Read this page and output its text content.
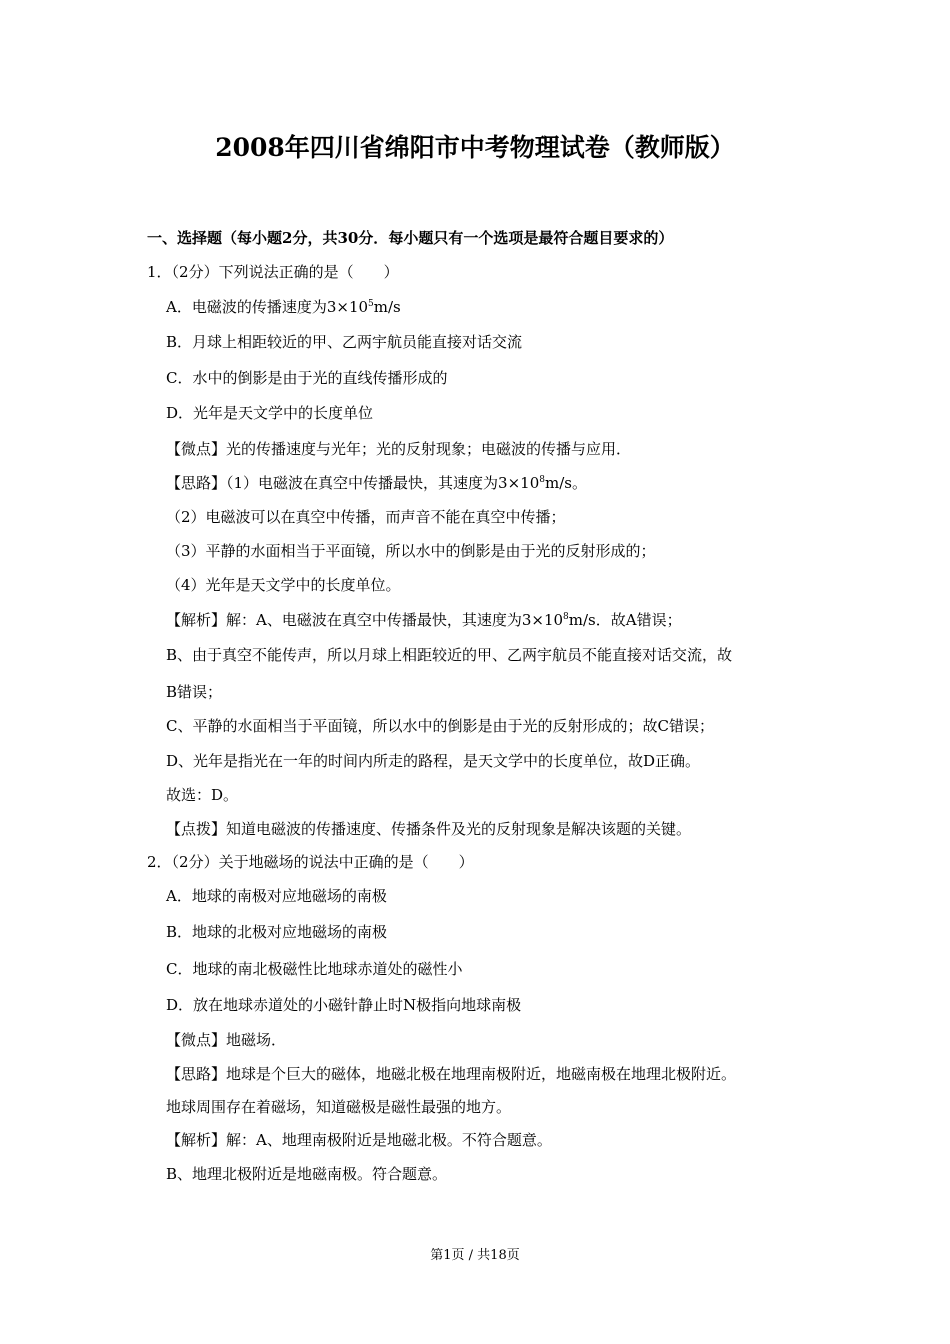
2008年四川省绵阳市中考物理试卷（教师版）
一、选择题（每小题2分，共30分．每小题只有一个选项是最符合题目要求的）
1．（2分）下列说法正确的是（　　）
A．电磁波的传播速度为$3\times 10^5m/s$
B．月球上相距较近的甲、乙两宇航员能直接对话交流
C．水中的倒影是由于光的直线传播形成的
D．光年是天文学中的长度单位
【微点】光的传播速度与光年；光的反射现象；电磁波的传播与应用．
【思路】（1）电磁波在真空中传播最快，其速度为$3\times 10^8m/s$。
（2）电磁波可以在真空中传播，而声音不能在真空中传播；
（3）平静的水面相当于平面镜，所以水中的倒影是由于光的反射形成的；
（4）光年是天文学中的长度单位。
【解析】解：A、电磁波在真空中传播最快，其速度为$3\times 10^8m/s$．故A错误；
B、由于真空不能传声，所以月球上相距较近的甲、乙两宇航员不能直接对话交流，故
B错误；
C、平静的水面相当于平面镜，所以水中的倒影是由于光的反射形成的；故C错误；
D、光年是指光在一年的时间内所走的路程，是天文学中的长度单位，故D正确。
故选：D。
【点拨】知道电磁波的传播速度、传播条件及光的反射现象是解决该题的关键。
2．（2分）关于地磁场的说法中正确的是（　　）
A．地球的南极对应地磁场的南极
B．地球的北极对应地磁场的南极
C．地球的南北极磁性比地球赤道处的磁性小
D．放在地球赤道处的小磁针静止时N极指向地球南极
【微点】地磁场．
【思路】地球是个巨大的磁体，地磁北极在地理南极附近，地磁南极在地理北极附近。
地球周围存在着磁场，知道磁极是磁性最强的地方。
【解析】解：A、地理南极附近是地磁北极。不符合题意。
B、地理北极附近是地磁南极。符合题意。
第1页 / 共18页
